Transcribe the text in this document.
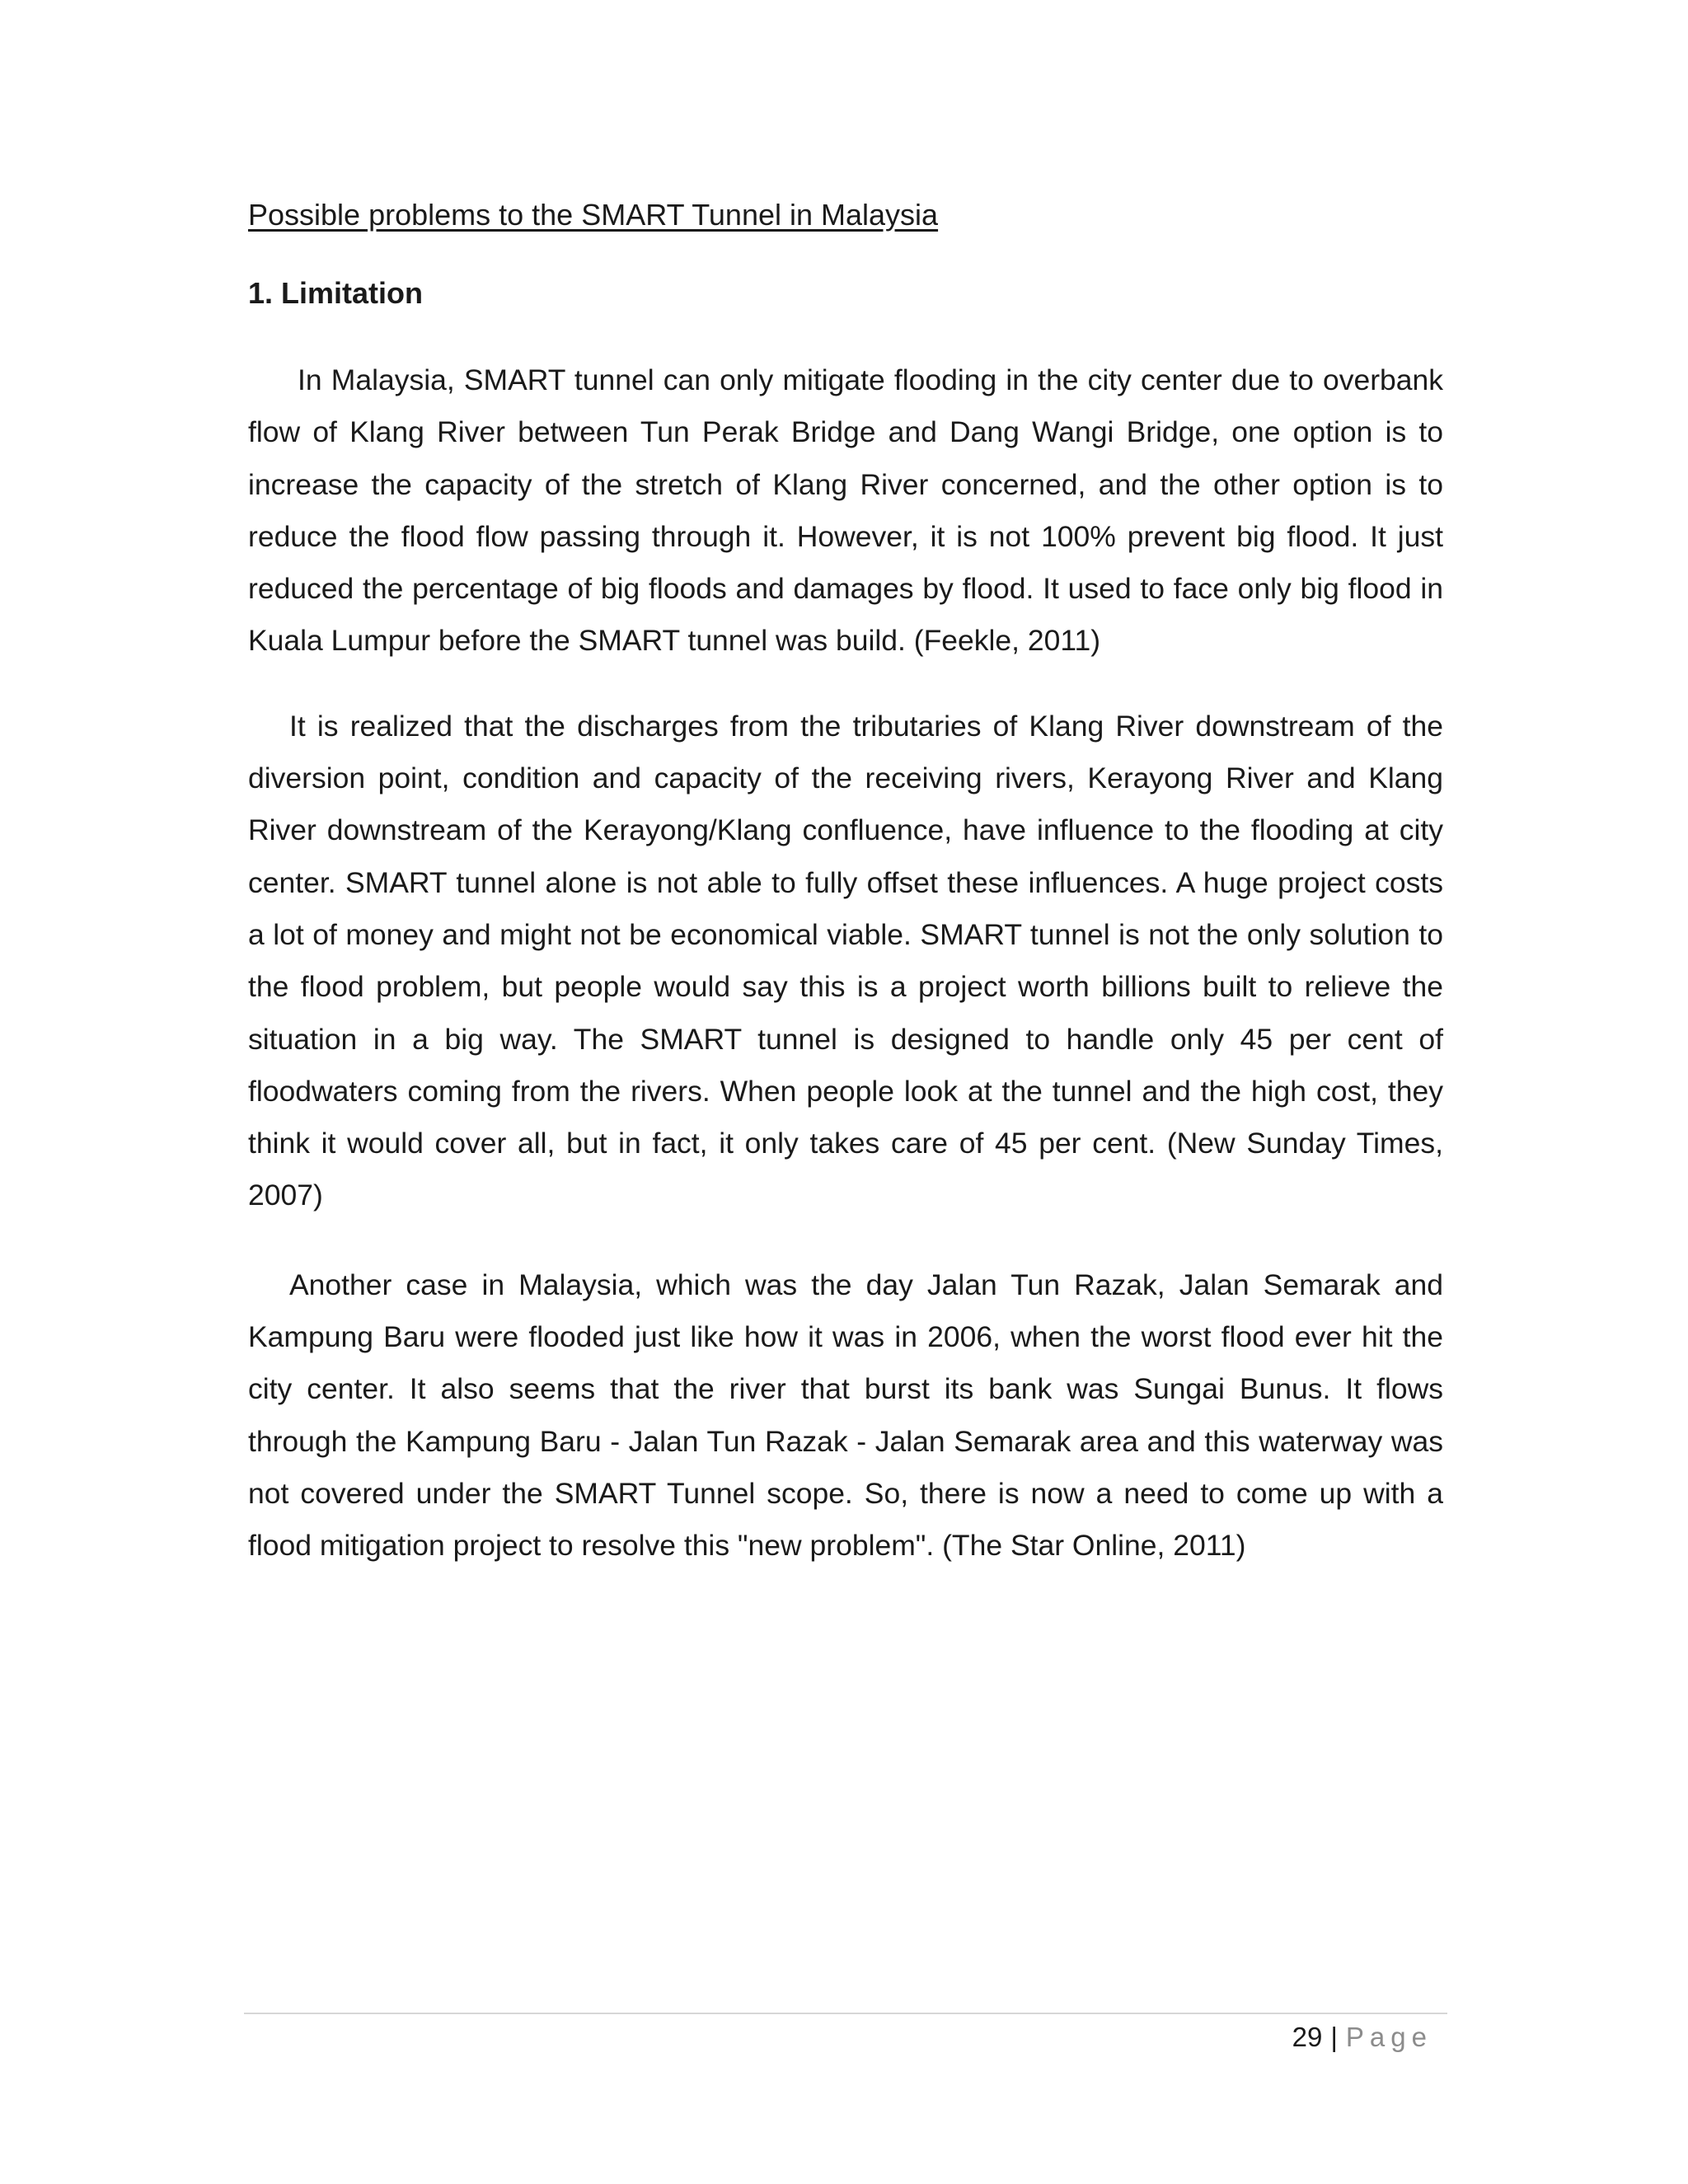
Possible problems to the SMART Tunnel in Malaysia
1. Limitation

In Malaysia, SMART tunnel can only mitigate flooding in the city center due to overbank flow of Klang River between Tun Perak Bridge and Dang Wangi Bridge, one option is to increase the capacity of the stretch of Klang River concerned, and the other option is to reduce the flood flow passing through it. However, it is not 100% prevent big flood. It just reduced the percentage of big floods and damages by flood. It used to face only big flood in Kuala Lumpur before the SMART tunnel was build. (Feekle, 2011)

It is realized that the discharges from the tributaries of Klang River downstream of the diversion point, condition and capacity of the receiving rivers, Kerayong River and Klang River downstream of the Kerayong/Klang confluence, have influence to the flooding at city center. SMART tunnel alone is not able to fully offset these influences. A huge project costs a lot of money and might not be economical viable. SMART tunnel is not the only solution to the flood problem, but people would say this is a project worth billions built to relieve the situation in a big way. The SMART tunnel is designed to handle only 45 per cent of floodwaters coming from the rivers. When people look at the tunnel and the high cost, they think it would cover all, but in fact, it only takes care of 45 per cent. (New Sunday Times, 2007)

Another case in Malaysia, which was the day Jalan Tun Razak, Jalan Semarak and Kampung Baru were flooded just like how it was in 2006, when the worst flood ever hit the city center. It also seems that the river that burst its bank was Sungai Bunus. It flows through the Kampung Baru - Jalan Tun Razak - Jalan Semarak area and this waterway was not covered under the SMART Tunnel scope. So, there is now a need to come up with a flood mitigation project to resolve this "new problem". (The Star Online, 2011)

29 | Page
